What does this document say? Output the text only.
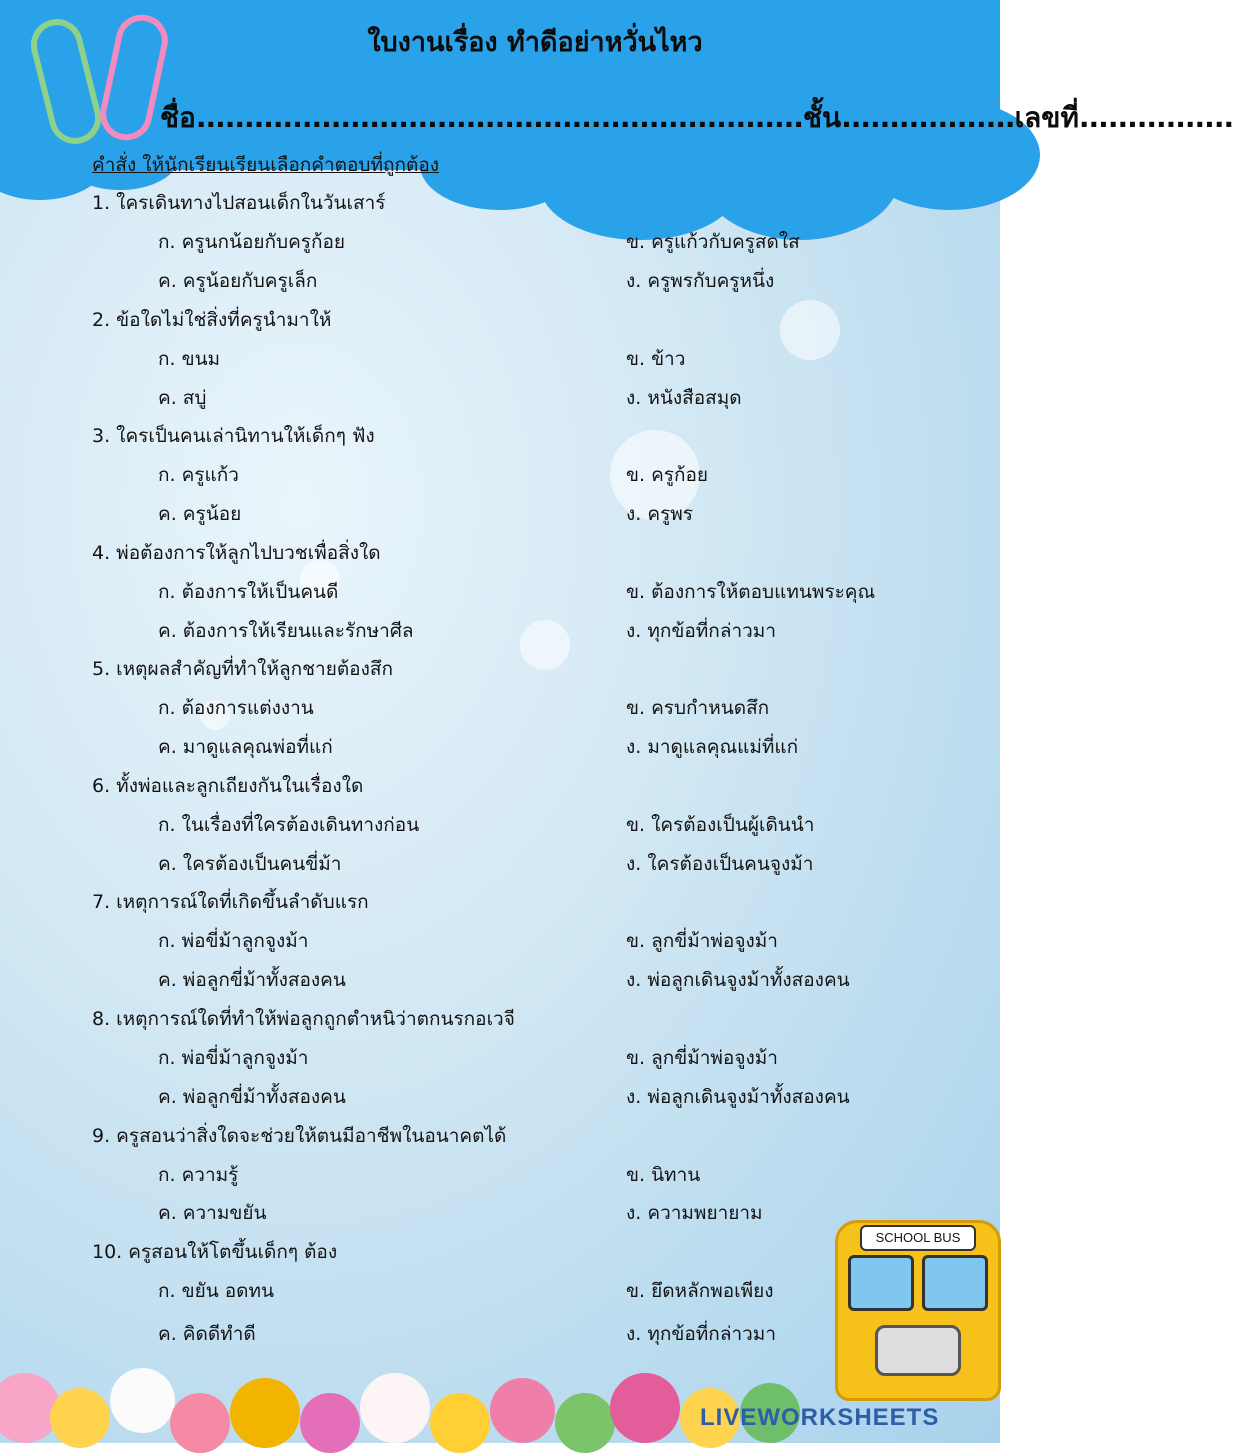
ใบงานเรื่อง ทำดีอย่าหวั่นไหว
ชื่อ...............................................................ชั้น..................เลขที่................
คำสั่ง ให้นักเรียนเรียนเลือกคำตอบที่ถูกต้อง
1. ใครเดินทางไปสอนเด็กในวันเสาร์
ก. ครูนกน้อยกับครูก้อย	ข. ครูแก้วกับครูสดใส
ค. ครูน้อยกับครูเล็ก	ง. ครูพรกับครูหนึ่ง
2. ข้อใดไม่ใช่สิ่งที่ครูนำมาให้
ก. ขนม	ข. ข้าว
ค. สบู่	ง. หนังสือสมุด
3. ใครเป็นคนเล่านิทานให้เด็กๆ ฟัง
ก. ครูแก้ว	ข. ครูก้อย
ค. ครูน้อย	ง. ครูพร
4. พ่อต้องการให้ลูกไปบวชเพื่อสิ่งใด
ก. ต้องการให้เป็นคนดี	ข. ต้องการให้ตอบแทนพระคุณ
ค. ต้องการให้เรียนและรักษาศีล	ง. ทุกข้อที่กล่าวมา
5. เหตุผลสำคัญที่ทำให้ลูกชายต้องสึก
ก. ต้องการแต่งงาน	ข. ครบกำหนดสึก
ค. มาดูแลคุณพ่อที่แก่	ง. มาดูแลคุณแม่ที่แก่
6. ทั้งพ่อและลูกเถียงกันในเรื่องใด
ก. ในเรื่องที่ใครต้องเดินทางก่อน	ข. ใครต้องเป็นผู้เดินนำ
ค. ใครต้องเป็นคนขี่ม้า	ง. ใครต้องเป็นคนจูงม้า
7. เหตุการณ์ใดที่เกิดขึ้นลำดับแรก
ก. พ่อขี่ม้าลูกจูงม้า	ข. ลูกขี่ม้าพ่อจูงม้า
ค. พ่อลูกขี่ม้าทั้งสองคน	ง. พ่อลูกเดินจูงม้าทั้งสองคน
8. เหตุการณ์ใดที่ทำให้พ่อลูกถูกตำหนิว่าตกนรกอเวจี
ก. พ่อขี่ม้าลูกจูงม้า	ข. ลูกขี่ม้าพ่อจูงม้า
ค. พ่อลูกขี่ม้าทั้งสองคน	ง. พ่อลูกเดินจูงม้าทั้งสองคน
9. ครูสอนว่าสิ่งใดจะช่วยให้ตนมีอาชีพในอนาคตได้
ก. ความรู้	ข. นิทาน
ค. ความขยัน	ง. ความพยายาม
10. ครูสอนให้โตขึ้นเด็กๆ ต้อง
ก. ขยัน อดทน	ข. ยึดหลักพอเพียง
ค. คิดดีทำดี	ง. ทุกข้อที่กล่าวมา
SCHOOL BUS
LIVEWORKSHEETS
